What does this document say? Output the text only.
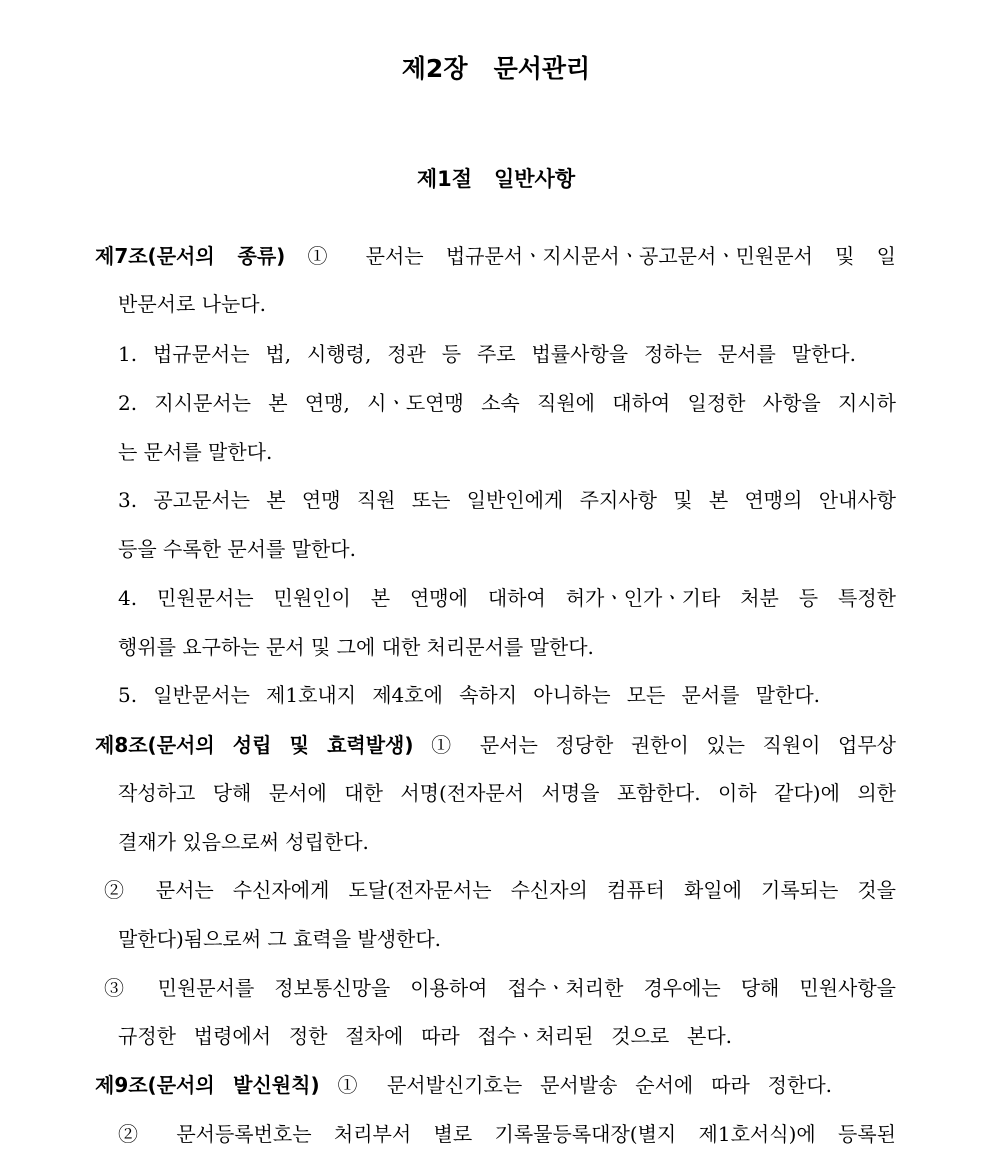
제2장   문서관리
제1절   일반사항
제7조(문서의 종류) ① 문서는 법규문서ㆍ지시문서ㆍ공고문서ㆍ민원문서 및 일
반문서로 나눈다.
1. 법규문서는 법, 시행령, 정관 등 주로 법률사항을 정하는 문서를 말한다.
2. 지시문서는 본 연맹, 시ㆍ도연맹 소속 직원에 대하여 일정한 사항을 지시하
는 문서를 말한다.
3. 공고문서는 본 연맹 직원 또는 일반인에게 주지사항 및 본 연맹의 안내사항
등을 수록한 문서를 말한다.
4. 민원문서는 민원인이 본 연맹에 대하여 허가ㆍ인가ㆍ기타 처분 등 특정한
행위를 요구하는 문서 및 그에 대한 처리문서를 말한다.
5. 일반문서는 제1호내지 제4호에 속하지 아니하는 모든 문서를 말한다.
제8조(문서의 성립 및 효력발생) ① 문서는 정당한 권한이 있는 직원이 업무상
작성하고 당해 문서에 대한 서명(전자문서 서명을 포함한다. 이하 같다)에 의한
결재가 있음으로써 성립한다.
② 문서는 수신자에게 도달(전자문서는 수신자의 컴퓨터 화일에 기록되는 것을
말한다)됨으로써 그 효력을 발생한다.
③ 민원문서를 정보통신망을 이용하여 접수ㆍ처리한 경우에는 당해 민원사항을
규정한 법령에서 정한 절차에 따라 접수ㆍ처리된 것으로 본다.
제9조(문서의 발신원칙) ① 문서발신기호는 문서발송 순서에 따라 정한다.
② 문서등록번호는 처리부서 별로 기록물등록대장(별지 제1호서식)에 등록된
